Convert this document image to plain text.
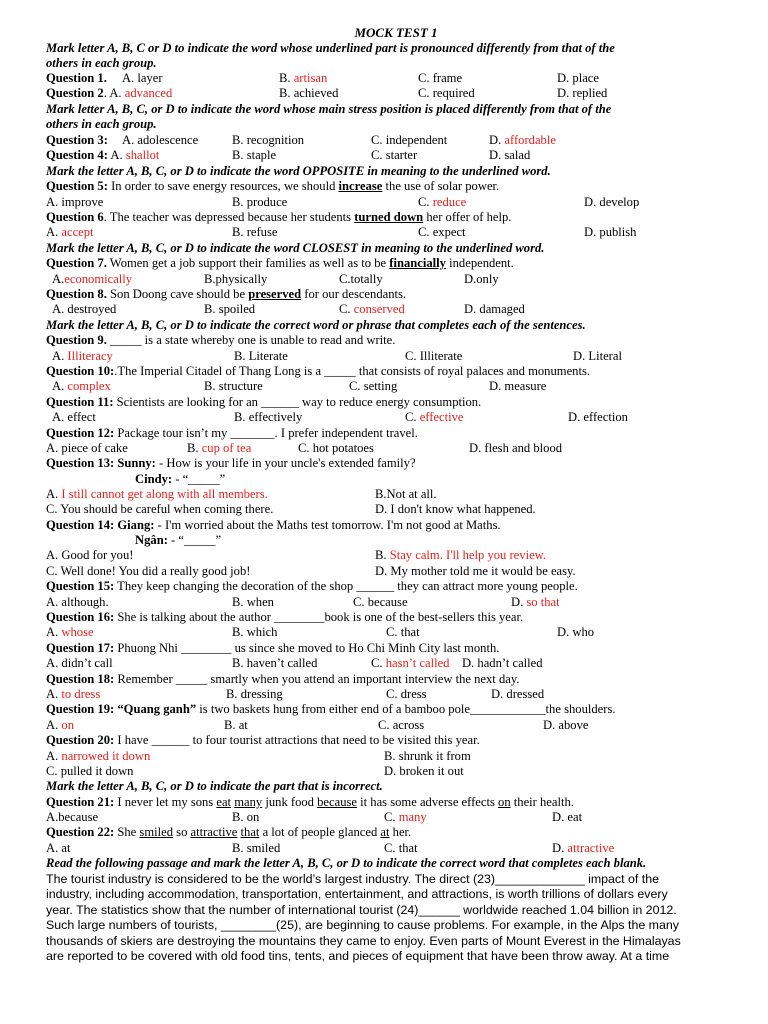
MOCK TEST 1
Mark letter A, B, C or D to indicate the word whose underlined part is pronounced differently from that of the
others in each group.
Question 1. A. layer	B. artisan	C. frame	D. place
Question 2. A. advanced	B. achieved	C. required	D. replied
Mark letter A, B, C, or D to indicate the word whose main stress position is placed differently from that of the
others in each group.
Question 3: A. adolescence	B. recognition	C. independent	D. affordable
Question 4: A. shallot	B. staple	C. starter	D. salad
Mark the letter A, B, C, or D to indicate the word OPPOSITE in meaning to the underlined word.
Question 5: In order to save energy resources, we should increase the use of solar power.
A. improve	B. produce	C. reduce	D. develop
Question 6. The teacher was depressed because her students turned down her offer of help.
A. accept	B. refuse	C. expect	D. publish
Mark the letter A, B, C, or D to indicate the word CLOSEST in meaning to the underlined word.
Question 7. Women get a job support their families as well as to be financially independent.
A.economically	B.physically	C.totally	D.only
Question 8. Son Doong cave should be preserved for our descendants.
A. destroyed	B. spoiled	C. conserved	D. damaged
Mark the letter A, B, C, or D to indicate the correct word or phrase that completes each of the sentences.
Question 9. _____ is a state whereby one is unable to read and write.
A. Illiteracy	B. Literate	C. Illiterate	D. Literal
Question 10:.The Imperial Citadel of Thang Long is a _____ that consists of royal palaces and monuments.
A. complex	B. structure	C. setting	D. measure
Question 11: Scientists are looking for an ______ way to reduce energy consumption.
A. effect	B. effectively	C. effective	D. effection
Question 12: Package tour isn’t my _______. I prefer independent travel.
A. piece of cake	B. cup of tea	C. hot potatoes	D. flesh and blood
Question 13: Sunny: - How is your life in your uncle's extended family?
Cindy: - “_____”
A. I still cannot get along with all members.	B.Not at all.
C. You should be careful when coming there.	D. I don't know what happened.
Question 14: Giang: - I'm worried about the Maths test tomorrow. I'm not good at Maths.
Ngân: - “_____”
A. Good for you!	B. Stay calm. I'll help you review.
C. Well done! You did a really good job!	D. My mother told me it would be easy.
Question 15: They keep changing the decoration of the shop ______ they can attract more young people.
A. although.	B. when	C. because	D. so that
Question 16: She is talking about the author ________book is one of the best-sellers this year.
A. whose	B. which	C. that	D. who
Question 17: Phuong Nhi ________ us since she moved to Ho Chi Minh City last month.
A. didn’t call	B. haven’t called	C. hasn’t called D. hadn’t called
Question 18: Remember _____ smartly when you attend an important interview the next day.
A. to dress	B. dressing	C. dress	D. dressed
Question 19: “Quang ganh” is two baskets hung from either end of a bamboo pole____________the shoulders.
A. on	B. at	C. across	D. above
Question 20: I have ______ to four tourist attractions that need to be visited this year.
A. narrowed it down	B. shrunk it from
C. pulled it down	D. broken it out
Mark the letter A, B, C, or D to indicate the part that is incorrect.
Question 21: I never let my sons eat many junk food because it has some adverse effects on their health.
A.because	B. on	C. many	D. eat
Question 22: She smiled so attractive that a lot of people glanced at her.
A. at	B. smiled	C. that	D. attractive
Read the following passage and mark the letter A, B, C, or D to indicate the correct word that completes each blank.
The tourist industry is considered to be the world’s largest industry. The direct (23)_____________ impact of the
industry, including accommodation, transportation, entertainment, and attractions, is worth trillions of dollars every
year. The statistics show that the number of international tourist (24)______ worldwide reached 1.04 billion in 2012.
Such large numbers of tourists, ________(25), are beginning to cause problems. For example, in the Alps the many
thousands of skiers are destroying the mountains they came to enjoy. Even parts of Mount Everest in the Himalayas
are reported to be covered with old food tins, tents, and pieces of equipment that have been throw away. At a time
